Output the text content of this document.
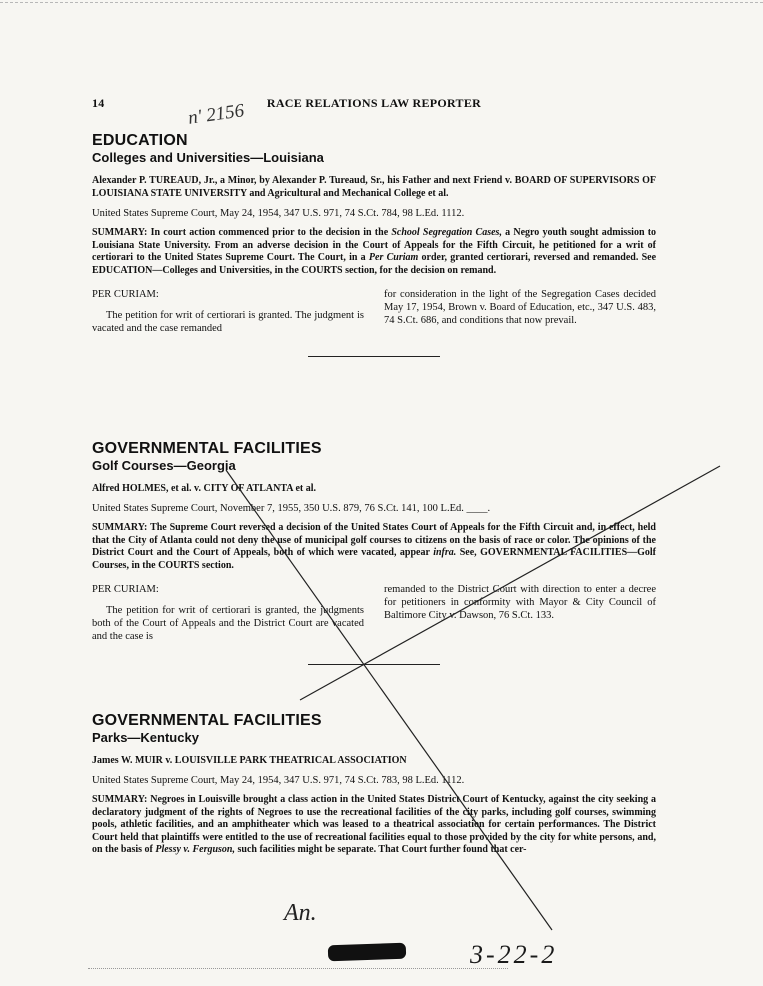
14	RACE RELATIONS LAW REPORTER
n' 2156
EDUCATION
Colleges and Universities—Louisiana

Alexander P. TUREAUD, Jr., a Minor, by Alexander P. Tureaud, Sr., his Father and next Friend v. BOARD OF SUPERVISORS OF LOUISIANA STATE UNIVERSITY and Agricultural and Mechanical College et al.

United States Supreme Court, May 24, 1954, 347 U.S. 971, 74 S.Ct. 784, 98 L.Ed. 1112.

SUMMARY: In court action commenced prior to the decision in the School Segregation Cases, a Negro youth sought admission to Louisiana State University. From an adverse decision in the Court of Appeals for the Fifth Circuit, he petitioned for a writ of certiorari to the United States Supreme Court. The Court, in a Per Curiam order, granted certiorari, reversed and remanded. See EDUCATION—Colleges and Universities, in the COURTS section, for the decision on remand.

PER CURIAM:

The petition for writ of certiorari is granted. The judgment is vacated and the case remanded

for consideration in the light of the Segregation Cases decided May 17, 1954, Brown v. Board of Education, etc., 347 U.S. 483, 74 S.Ct. 686, and conditions that now prevail.

GOVERNMENTAL FACILITIES
Golf Courses—Georgia

Alfred HOLMES, et al. v. CITY OF ATLANTA et al.

United States Supreme Court, November 7, 1955, 350 U.S. 879, 76 S.Ct. 141, 100 L.Ed. ____.

SUMMARY: The Supreme Court reversed a decision of the United States Court of Appeals for the Fifth Circuit and, in effect, held that the City of Atlanta could not deny the use of municipal golf courses to citizens on the basis of race or color. The opinions of the District Court and the Court of Appeals, both of which were vacated, appear infra. See, GOVERNMENTAL FACILITIES—Golf Courses, in the COURTS section.

PER CURIAM:

The petition for writ of certiorari is granted, the judgments both of the Court of Appeals and the District Court are vacated and the case is

remanded to the District Court with direction to enter a decree for petitioners in conformity with Mayor & City Council of Baltimore City v. Dawson, 76 S.Ct. 133.

GOVERNMENTAL FACILITIES
Parks—Kentucky

James W. MUIR v. LOUISVILLE PARK THEATRICAL ASSOCIATION

United States Supreme Court, May 24, 1954, 347 U.S. 971, 74 S.Ct. 783, 98 L.Ed. 1112.

SUMMARY: Negroes in Louisville brought a class action in the United States District Court of Kentucky, against the city seeking a declaratory judgment of the rights of Negroes to use the recreational facilities of the city parks, including golf courses, swimming pools, athletic facilities, and an amphitheater which was leased to a theatrical association for certain performances. The District Court held that plaintiffs were entitled to the use of recreational facilities equal to those provided by the city for white persons, and, on the basis of Plessy v. Ferguson, such facilities might be separate. That Court further found that cer-

An.
3-22-2
